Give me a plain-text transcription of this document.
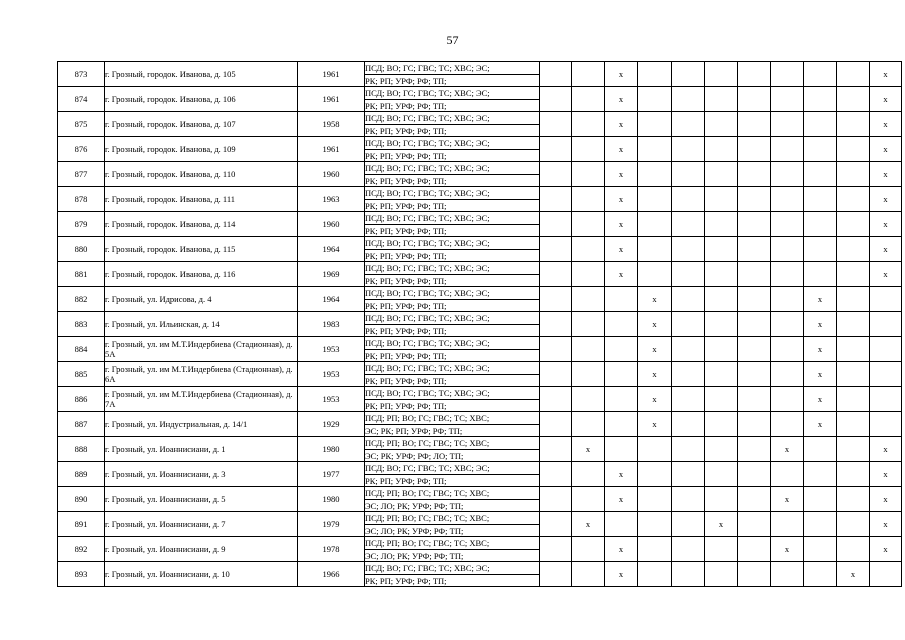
57
873	г. Грозный, городок. Иванова, д. 105	1961	ПСД; ВО; ГС; ГВС; ТС; ХВС; ЭС;
РК; РП; УРФ; РФ; ТП;			x								x
874	г. Грозный, городок. Иванова, д. 106	1961	ПСД; ВО; ГС; ГВС; ТС; ХВС; ЭС;
РК; РП; УРФ; РФ; ТП;			x								x
875	г. Грозный, городок. Иванова, д. 107	1958	ПСД; ВО; ГС; ГВС; ТС; ХВС; ЭС;
РК; РП; УРФ; РФ; ТП;			x								x
876	г. Грозный, городок. Иванова, д. 109	1961	ПСД; ВО; ГС; ГВС; ТС; ХВС; ЭС;
РК; РП; УРФ; РФ; ТП;			x								x
877	г. Грозный, городок. Иванова, д. 110	1960	ПСД; ВО; ГС; ГВС; ТС; ХВС; ЭС;
РК; РП; УРФ; РФ; ТП;			x								x
878	г. Грозный, городок. Иванова, д. 111	1963	ПСД; ВО; ГС; ГВС; ТС; ХВС; ЭС;
РК; РП; УРФ; РФ; ТП;			x								x
879	г. Грозный, городок. Иванова, д. 114	1960	ПСД; ВО; ГС; ГВС; ТС; ХВС; ЭС;
РК; РП; УРФ; РФ; ТП;			x								x
880	г. Грозный, городок. Иванова, д. 115	1964	ПСД; ВО; ГС; ГВС; ТС; ХВС; ЭС;
РК; РП; УРФ; РФ; ТП;			x								x
881	г. Грозный, городок. Иванова, д. 116	1969	ПСД; ВО; ГС; ГВС; ТС; ХВС; ЭС;
РК; РП; УРФ; РФ; ТП;			x								x
882	г. Грозный, ул. Идрисова, д. 4	1964	ПСД; ВО; ГС; ГВС; ТС; ХВС; ЭС;
РК; РП; УРФ; РФ; ТП;				x					x		
883	г. Грозный, ул. Ильинская, д. 14	1983	ПСД; ВО; ГС; ГВС; ТС; ХВС; ЭС;
РК; РП; УРФ; РФ; ТП;				x					x		
884	г. Грозный, ул. им М.Т.Индербиева (Стадионная), д. 5А	1953	ПСД; ВО; ГС; ГВС; ТС; ХВС; ЭС;
РК; РП; УРФ; РФ; ТП;				x					x		
885	г. Грозный, ул. им М.Т.Индербиева (Стадионная), д. 6А	1953	ПСД; ВО; ГС; ГВС; ТС; ХВС; ЭС;
РК; РП; УРФ; РФ; ТП;				x					x		
886	г. Грозный, ул. им М.Т.Индербиева (Стадионная), д. 7А	1953	ПСД; ВО; ГС; ГВС; ТС; ХВС; ЭС;
РК; РП; УРФ; РФ; ТП;				x					x		
887	г. Грозный, ул. Индустриальная, д. 14/1	1929	ПСД; РП; ВО; ГС; ГВС; ТС; ХВС;
ЭС; РК; РП; УРФ; РФ; ТП;				x					x		
888	г. Грозный, ул. Иоаннисиани, д. 1	1980	ПСД; РП; ВО; ГС; ГВС; ТС; ХВС;
ЭС; РК; УРФ; РФ; ЛО; ТП;		x						x			x
889	г. Грозный, ул. Иоаннисиани, д. 3	1977	ПСД; ВО; ГС; ГВС; ТС; ХВС; ЭС;
РК; РП; УРФ; РФ; ТП;			x								x
890	г. Грозный, ул. Иоаннисиани, д. 5	1980	ПСД; РП; ВО; ГС; ГВС; ТС; ХВС;
ЭС; ЛО; РК; УРФ; РФ; ТП;			x					x			x
891	г. Грозный, ул. Иоаннисиани, д. 7	1979	ПСД; РП; ВО; ГС; ГВС; ТС; ХВС;
ЭС; ЛО; РК; УРФ; РФ; ТП;		x				x					x
892	г. Грозный, ул. Иоаннисиани, д. 9	1978	ПСД; РП; ВО; ГС; ГВС; ТС; ХВС;
ЭС; ЛО; РК; УРФ; РФ; ТП;			x					x			x
893	г. Грозный, ул. Иоаннисиани, д. 10	1966	ПСД; ВО; ГС; ГВС; ТС; ХВС; ЭС;
РК; РП; УРФ; РФ; ТП;			x							x	
